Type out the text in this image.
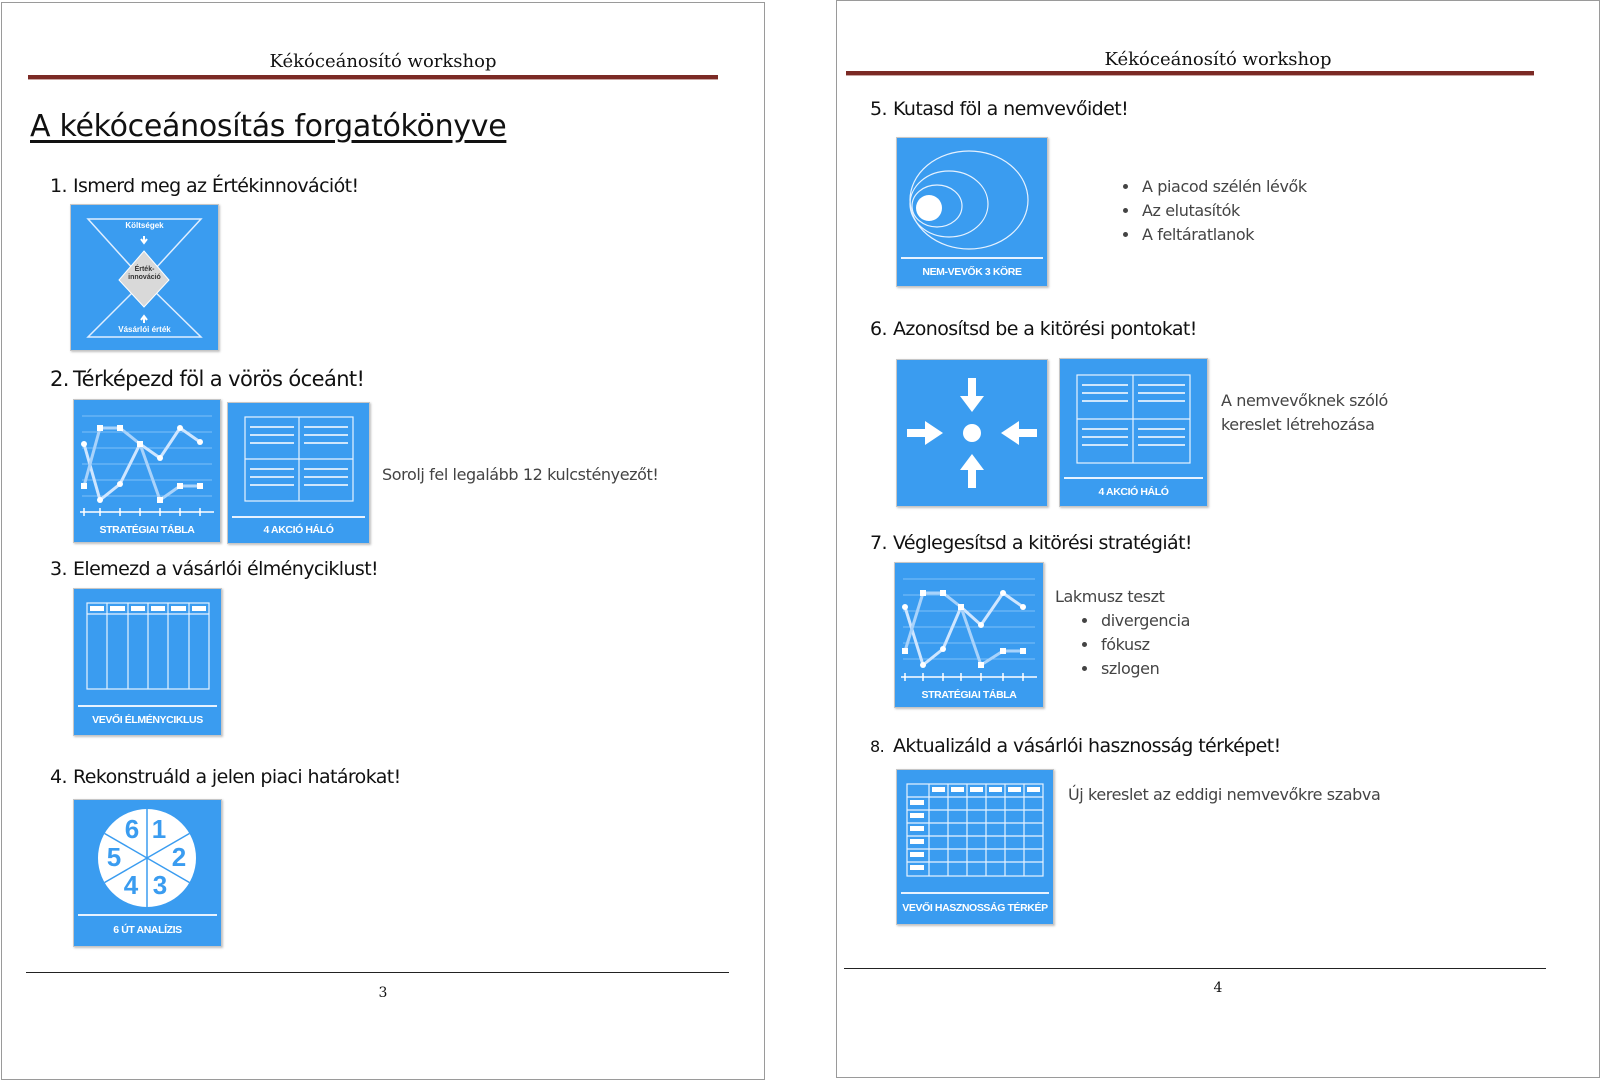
Kékóceánosító workshop
A kékóceánosítás forgatókönyve
1. Ismerd meg az Értékinnovációt!
Költségek
Érték-
innováció
Vásárlói érték
2. Térképezd föl a vörös óceánt!
STRATÉGIAI TÁBLA	4 AKCIÓ HÁLÓ
Sorolj fel legalább 12 kulcstényezőt!
3. Elemezd a vásárlói élményciklust!
VEVŐI ÉLMÉNYCIKLUS
4. Rekonstruáld a jelen piaci határokat!
6 1
2
3
4
5
6 ÚT ANALÍZIS
3
Kékóceánosító workshop
5. Kutasd föl a nemvevőidet!
NEM-VEVŐK 3 KÖRE
• A piacod szélén lévők
• Az elutasítók
• A feltáratlanok
6. Azonosítsd be a kitörési pontokat!
4 AKCIÓ HÁLÓ
A nemvevőknek szóló kereslet létrehozása
7. Véglegesítsd a kitörési stratégiát!
STRATÉGIAI TÁBLA
Lakmusz teszt
• divergencia
• fókusz
• szlogen
8. Aktualizáld a vásárlói hasznosság térképet!
VEVŐI HASZNOSSÁG TÉRKÉP
Új kereslet az eddigi nemvevőkre szabva
4
